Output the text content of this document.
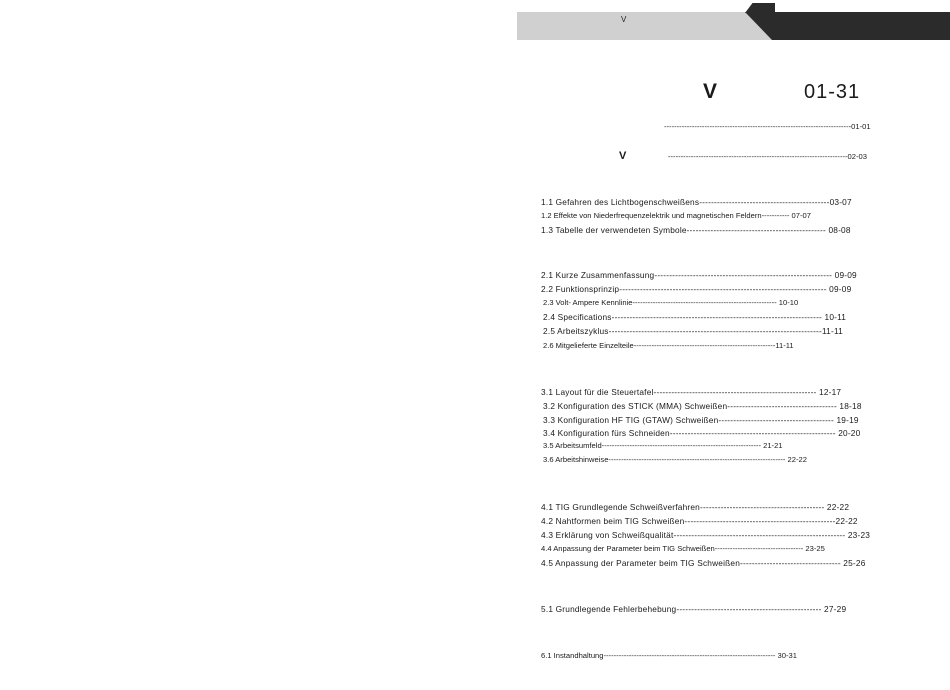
V
V	01-31
--------------------------------------------------------------------------01-01
V	-----------------------------------------------------------------------02-03
1.1 Gefahren des Lichtbogenschweißens--------------------------------------------03-07
1.2 Effekte von Niederfrequenzelektrik und magnetischen Feldern----------- 07-07
1.3 Tabelle der verwendeten Symbole----------------------------------------------- 08-08
2.1 Kurze Zusammenfassung------------------------------------------------------------ 09-09
2.2 Funktionsprinzip---------------------------------------------------------------------- 09-09
2.3 Volt- Ampere Kennlinie--------------------------------------------------------- 10-10
2.4 Specifications----------------------------------------------------------------------- 10-11
2.5 Arbeitszyklus------------------------------------------------------------------------11-11
2.6 Mitgelieferte Einzelteile--------------------------------------------------------11-11
3.1 Layout für die Steuertafel------------------------------------------------------- 12-17
3.2 Konfiguration des STICK (MMA) Schweißen------------------------------------- 18-18
3.3 Konfiguration HF TIG (GTAW) Schweißen--------------------------------------- 19-19
3.4 Konfiguration fürs Schneiden-------------------------------------------------------- 20-20
3.5 Arbeitsumfeld--------------------------------------------------------------- 21-21
3.6 Arbeitshinweise---------------------------------------------------------------------- 22-22
4.1 TIG Grundlegende Schweißverfahren------------------------------------------ 22-22
4.2 Nahtformen beim TIG Schweißen---------------------------------------------------22-22
4.3 Erklärung von Schweißqualität---------------------------------------------------------- 23-23
4.4 Anpassung der Parameter beim TIG Schweißen----------------------------------- 23-25
4.5 Anpassung der Parameter beim TIG Schweißen---------------------------------- 25-26
5.1 Grundlegende Fehlerbehebung------------------------------------------------- 27-29
6.1 Instandhaltung-------------------------------------------------------------------- 30-31
